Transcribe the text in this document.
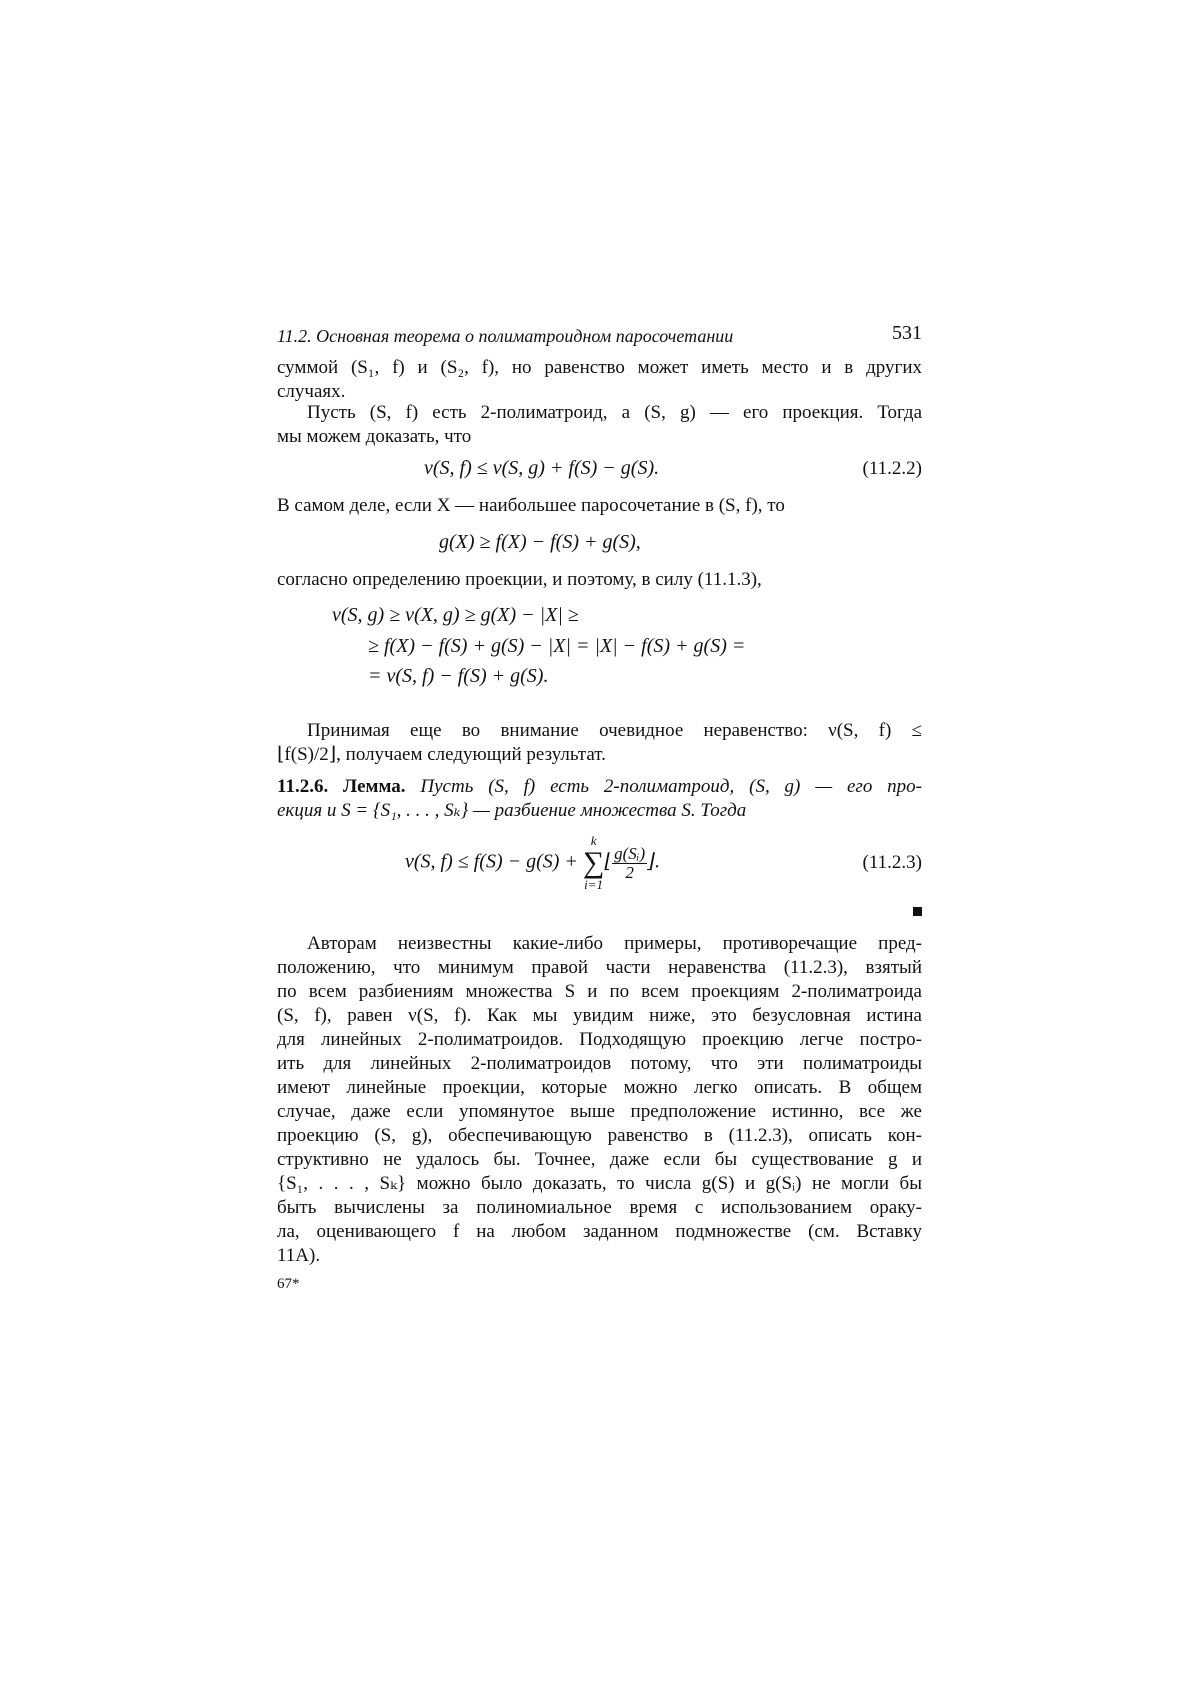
11.2. Основная теорема о полиматроидном паросочетании	531
суммой (S₁, f) и (S₂, f), но равенство может иметь место и в других
случаях.
Пусть (S, f) есть 2-полиматроид, а (S, g) — его проекция. Тогда
мы можем доказать, что
ν(S, f) ≤ ν(S, g) + f(S) − g(S).	(11.2.2)
В самом деле, если X — наибольшее паросочетание в (S, f), то
g(X) ≥ f(X) − f(S) + g(S),
согласно определению проекции, и поэтому, в силу (11.1.3),
ν(S, g) ≥ ν(X, g) ≥ g(X) − |X| ≥
≥ f(X) − f(S) + g(S) − |X| = |X| − f(S) + g(S) =
= ν(S, f) − f(S) + g(S).
Принимая еще во внимание очевидное неравенство: ν(S, f) ≤
⌊f(S)/2⌋, получаем следующий результат.
11.2.6. Лемма. Пусть (S, f) есть 2-полиматроид, (S, g) — его про-
екция и S = {S₁, . . . , Sₖ} — разбиение множества S. Тогда
ν(S, f) ≤ f(S) − g(S) +
k
∑
i=1
⌊ $\frac{\text{g(Sᵢ)}}{2}$ ⌋.	(11.2.3)
Авторам неизвестны какие-либо примеры, противоречащие пред-
положению, что минимум правой части неравенства (11.2.3), взятый
по всем разбиениям множества S и по всем проекциям 2-полиматроида
(S, f), равен ν(S, f). Как мы увидим ниже, это безусловная истина
для линейных 2-полиматроидов. Подходящую проекцию легче постро-
ить для линейных 2-полиматроидов потому, что эти полиматроиды
имеют линейные проекции, которые можно легко описать. В общем
случае, даже если упомянутое выше предположение истинно, все же
проекцию (S, g), обеспечивающую равенство в (11.2.3), описать кон-
структивно не удалось бы. Точнее, даже если бы существование g и
{S₁, . . . , Sₖ} можно было доказать, то числа g(S) и g(Sᵢ) не могли бы
быть вычислены за полиномиальное время с использованием ораку-
ла, оценивающего f на любом заданном подмножестве (см. Вставку
11A).
67*
